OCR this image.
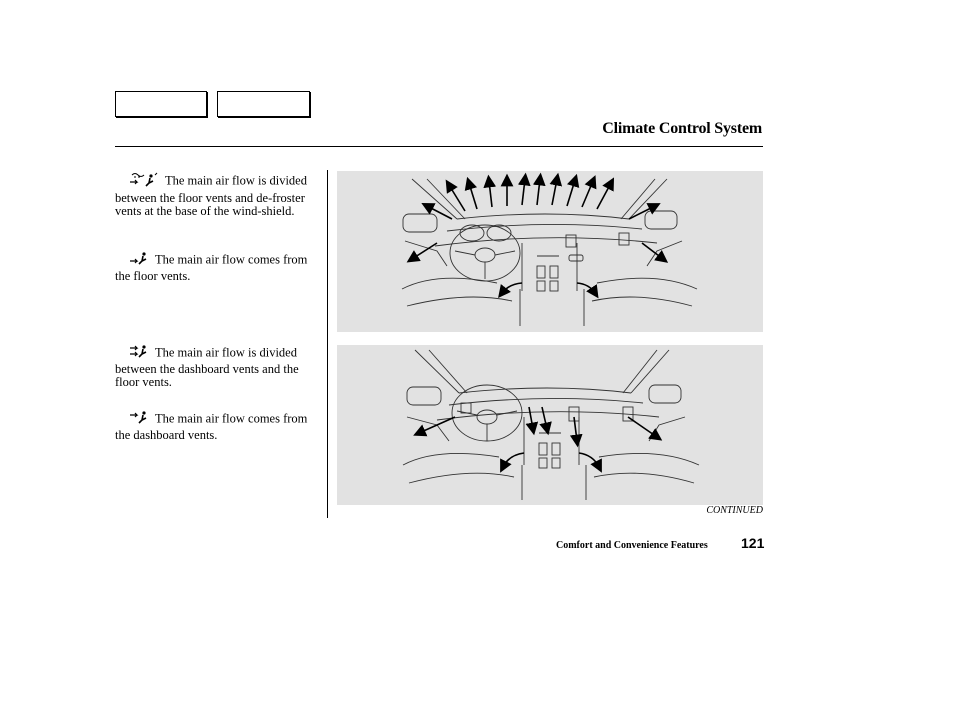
Climate Control System
The main air flow is divided between the floor vents and de-froster vents at the base of the wind-shield.
The main air flow comes from the floor vents.
The main air flow is divided between the dashboard vents and the floor vents.
The main air flow comes from the dashboard vents.
CONTINUED
Comfort and Convenience Features 121
